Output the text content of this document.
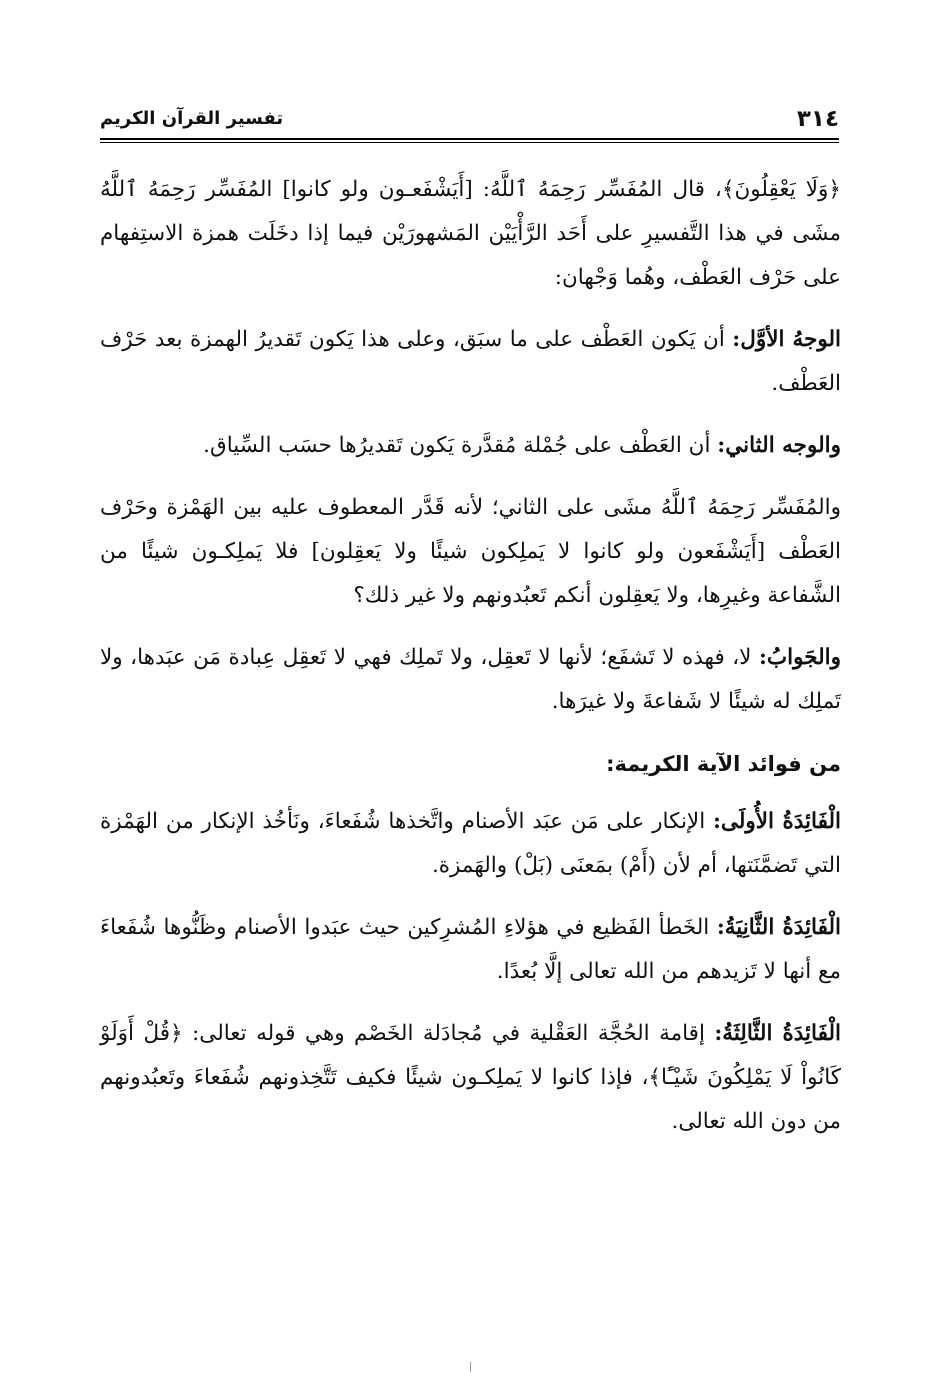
٣١٤
تفسير القرآن الكريم

﴿وَلَا يَعْقِلُونَ﴾، قال المُفَسِّر رَحِمَهُ ٱللَّهُ: [أَيَشْفَعـون ولو كانوا] المُفَسِّر رَحِمَهُ ٱللَّهُ مشَى في هذا التَّفسيرِ على أَحَد الرَّأْيَيْن المَشهورَيْن فيما إذا دخَلَت همزة الاستِفهام على حَرْف العَطْف، وهُما وَجْهان:

الوجهُ الأوَّل: أن يَكون العَطْف على ما سبَق، وعلى هذا يَكون تَقديرُ الهمزة بعد حَرْف العَطْف.

والوجه الثاني: أن العَطْف على جُمْلة مُقدَّرة يَكون تَقديرُها حسَب السِّياق.

والمُفَسِّر رَحِمَهُ ٱللَّهُ مشَى على الثاني؛ لأنه قَدَّر المعطوف عليه بين الهَمْزة وحَرْف العَطْف [أَيَشْفَعون ولو كانوا لا يَملِكون شيئًا ولا يَعقِلون] فلا يَملِكـون شيئًا من الشَّفاعة وغيرِها، ولا يَعقِلون أنكم تَعبُدونهم ولا غير ذلك؟

والجَوابُ: لا، فهذه لا تَشفَع؛ لأنها لا تَعقِل، ولا تَملِك فهي لا تَعقِل عِبادة مَن عبَدها، ولا تَملِك له شيئًا لا شَفاعةَ ولا غيرَها.

من فوائد الآية الكريمة:

الْفَائِدَةُ الأُولَى: الإنكار على مَن عبَد الأصنام واتَّخذها شُفَعاءَ، ونَأخُذ الإنكار من الهَمْزة التي تَضمَّنَتها، أم لأن (أَمْ) بمَعنَى (بَلْ) والهَمزة.

الْفَائِدَةُ الثَّانِيَةُ: الخَطأ الفَظيع في هؤلاءِ المُشرِكين حيث عبَدوا الأصنام وظَنُّوها شُفَعاءَ مع أنها لا تَزيدهم من الله تعالى إلَّا بُعدًا.

الْفَائِدَةُ الثَّالِثَةُ: إقامة الحُجَّة العَقْلية في مُجادَلة الخَصْم وهي قوله تعالى: ﴿قُلْ أَوَلَوْ كَانُواْ لَا يَمْلِكُونَ شَيْـًٔا﴾، فإذا كانوا لا يَملِكـون شيئًا فكيف تَتَّخِذونهم شُفَعاءَ وتَعبُدونهم من دون الله تعالى.
